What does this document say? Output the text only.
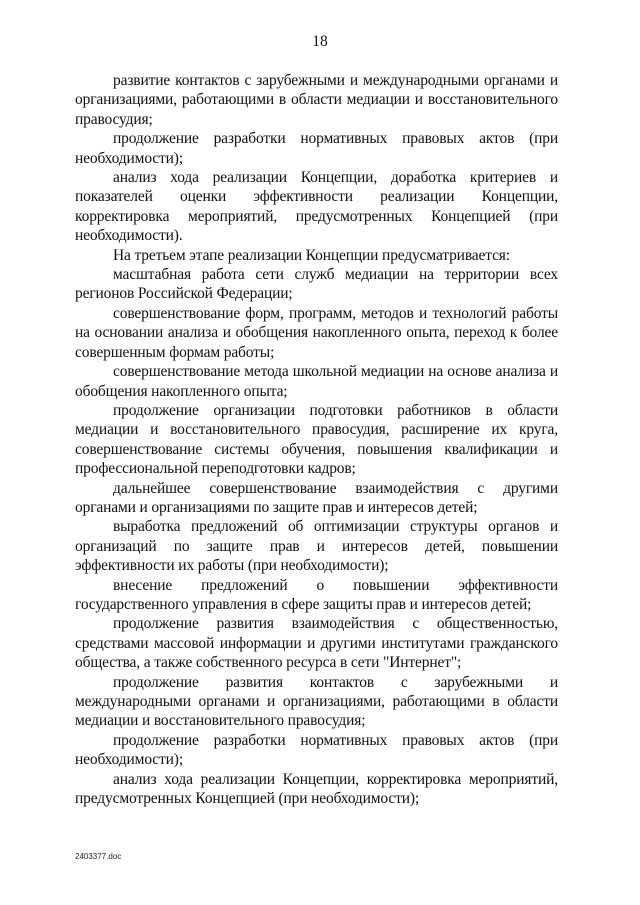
18

развитие контактов с зарубежными и международными органами и организациями, работающими в области медиации и восстановительного правосудия;

продолжение разработки нормативных правовых актов (при необходимости);

анализ хода реализации Концепции, доработка критериев и показателей оценки эффективности реализации Концепции, корректировка мероприятий, предусмотренных Концепцией (при необходимости).

На третьем этапе реализации Концепции предусматривается:

масштабная работа сети служб медиации на территории всех регионов Российской Федерации;

совершенствование форм, программ, методов и технологий работы на основании анализа и обобщения накопленного опыта, переход к более совершенным формам работы;

совершенствование метода школьной медиации на основе анализа и обобщения накопленного опыта;

продолжение организации подготовки работников в области медиации и восстановительного правосудия, расширение их круга, совершенствование системы обучения, повышения квалификации и профессиональной переподготовки кадров;

дальнейшее совершенствование взаимодействия с другими органами и организациями по защите прав и интересов детей;

выработка предложений об оптимизации структуры органов и организаций по защите прав и интересов детей, повышении эффективности их работы (при необходимости);

внесение предложений о повышении эффективности государственного управления в сфере защиты прав и интересов детей;

продолжение развития взаимодействия с общественностью, средствами массовой информации и другими институтами гражданского общества, а также собственного ресурса в сети "Интернет";

продолжение развития контактов с зарубежными и международными органами и организациями, работающими в области медиации и восстановительного правосудия;

продолжение разработки нормативных правовых актов (при необходимости);

анализ хода реализации Концепции, корректировка мероприятий, предусмотренных Концепцией (при необходимости);

2403377.doc
